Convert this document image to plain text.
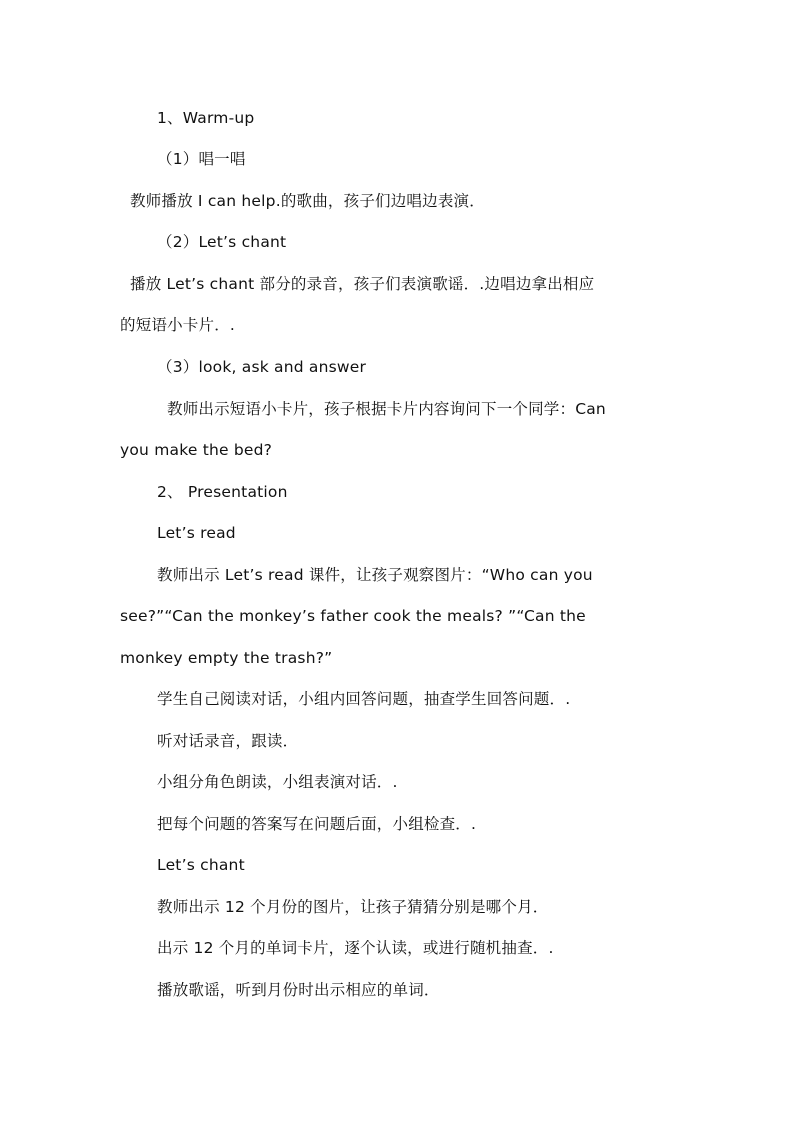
1、Warm-up
（1）唱一唱
教师播放 I can help.的歌曲，孩子们边唱边表演．
（2）Let’s chant
播放 Let’s chant 部分的录音，孩子们表演歌谣．.边唱边拿出相应
的短语小卡片．.
（3）look, ask and answer
教师出示短语小卡片，孩子根据卡片内容询问下一个同学：Can
you make the bed?
2、 Presentation
Let’s read
教师出示 Let’s read 课件，让孩子观察图片：“Who can you
see?”“Can the monkey’s father cook the meals? ”“Can the
monkey empty the trash?”
学生自己阅读对话，小组内回答问题，抽查学生回答问题．.
听对话录音，跟读．
小组分角色朗读，小组表演对话．.
把每个问题的答案写在问题后面，小组检查．.
Let’s chant
教师出示 12 个月份的图片，让孩子猜猜分别是哪个月．
出示 12 个月的单词卡片，逐个认读，或进行随机抽查．.
播放歌谣，听到月份时出示相应的单词．
